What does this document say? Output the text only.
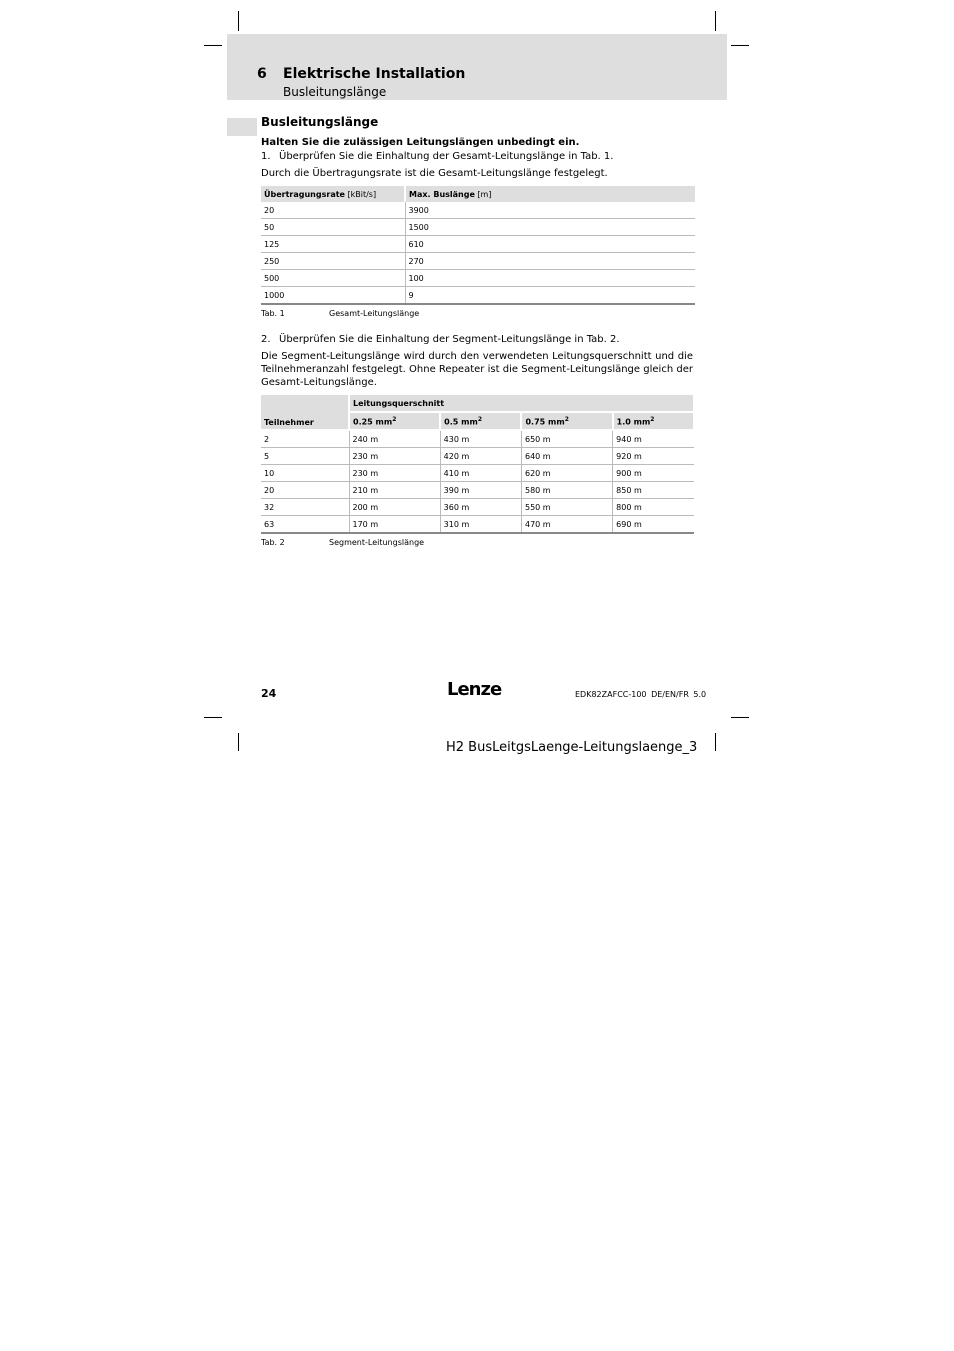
6 Elektrische Installation
Busleitungslänge
Busleitungslänge
Halten Sie die zulässigen Leitungslängen unbedingt ein.
1. Überprüfen Sie die Einhaltung der Gesamt-Leitungslänge in Tab. 1.
Durch die Übertragungsrate ist die Gesamt-Leitungslänge festgelegt.
Übertragungsrate [kBit/s]	Max. Buslänge [m]
20	3900
50	1500
125	610
250	270
500	100
1000	9
Tab. 1	Gesamt-Leitungslänge
2. Überprüfen Sie die Einhaltung der Segment-Leitungslänge in Tab. 2.
Die Segment-Leitungslänge wird durch den verwendeten Leitungsquerschnitt und die Teilnehmeranzahl festgelegt. Ohne Repeater ist die Segment-Leitungslänge gleich der Gesamt-Leitungslänge.
Teilnehmer	Leitungsquerschnitt			
	0.25 $mm^2$	0.5 $mm^2$	0.75 $mm^2$	1.0 $mm^2$
2	240 m	430 m	650 m	940 m
5	230 m	420 m	640 m	920 m
10	230 m	410 m	620 m	900 m
20	210 m	390 m	580 m	850 m
32	200 m	360 m	550 m	800 m
63	170 m	310 m	470 m	690 m
Tab. 2	Segment-Leitungslänge
24	Lenze	EDK82ZAFCC-100 DE/EN/FR 5.0
H2 BusLeitgsLaenge-Leitungslaenge_3
